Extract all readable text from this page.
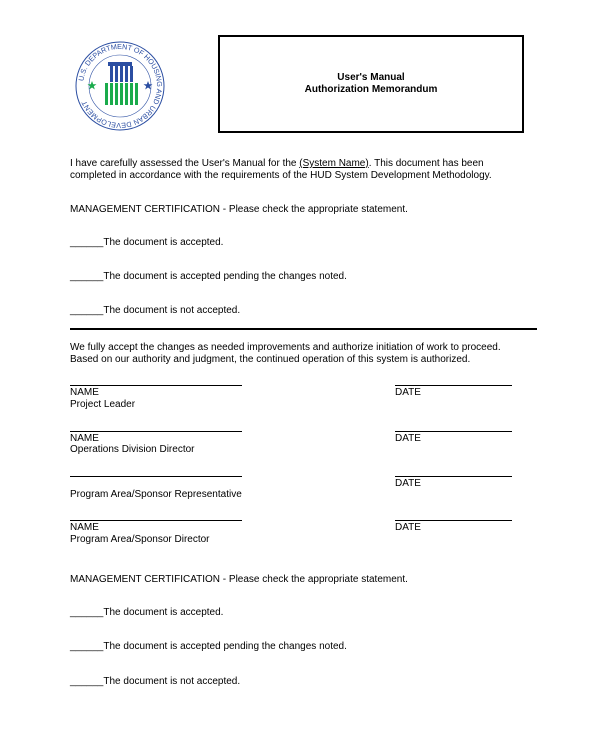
U.S. DEPARTMENT OF HOUSING AND URBAN DEVELOPMENT
User's Manual
Authorization Memorandum
I have carefully assessed the User's Manual for the (System Name). This document has been
completed in accordance with the requirements of the HUD System Development Methodology.
MANAGEMENT CERTIFICATION - Please check the appropriate statement.
______The document is accepted.
______The document is accepted pending the changes noted.
______The document is not accepted.
We fully accept the changes as needed improvements and authorize initiation of work to proceed.
Based on our authority and judgment, the continued operation of this system is authorized.
NAME	DATE
Project Leader
NAME	DATE
Operations Division Director
DATE
Program Area/Sponsor Representative
NAME	DATE
Program Area/Sponsor Director
MANAGEMENT CERTIFICATION - Please check the appropriate statement.
______The document is accepted.
______The document is accepted pending the changes noted.
______The document is not accepted.
